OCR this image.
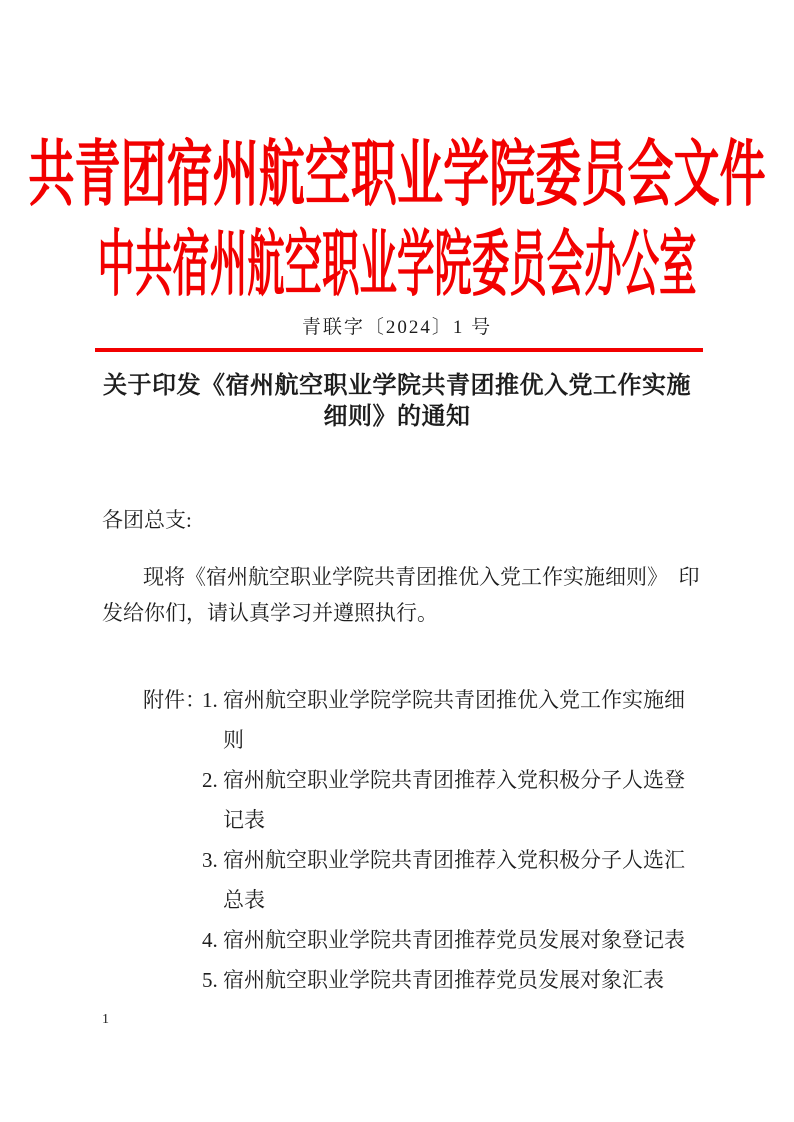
共青团宿州航空职业学院委员会文件
中共宿州航空职业学院委员会办公室
青联字〔2024〕1 号
关于印发《宿州航空职业学院共青团推优入党工作实施
细则》的通知
各团总支:
现将《宿州航空职业学院共青团推优入党工作实施细则》　印
发给你们，请认真学习并遵照执行。
附件：
1. 宿州航空职业学院学院共青团推优入党工作实施细
则
2. 宿州航空职业学院共青团推荐入党积极分子人选登
记表
3. 宿州航空职业学院共青团推荐入党积极分子人选汇
总表
4. 宿州航空职业学院共青团推荐党员发展对象登记表
5. 宿州航空职业学院共青团推荐党员发展对象汇表
1
